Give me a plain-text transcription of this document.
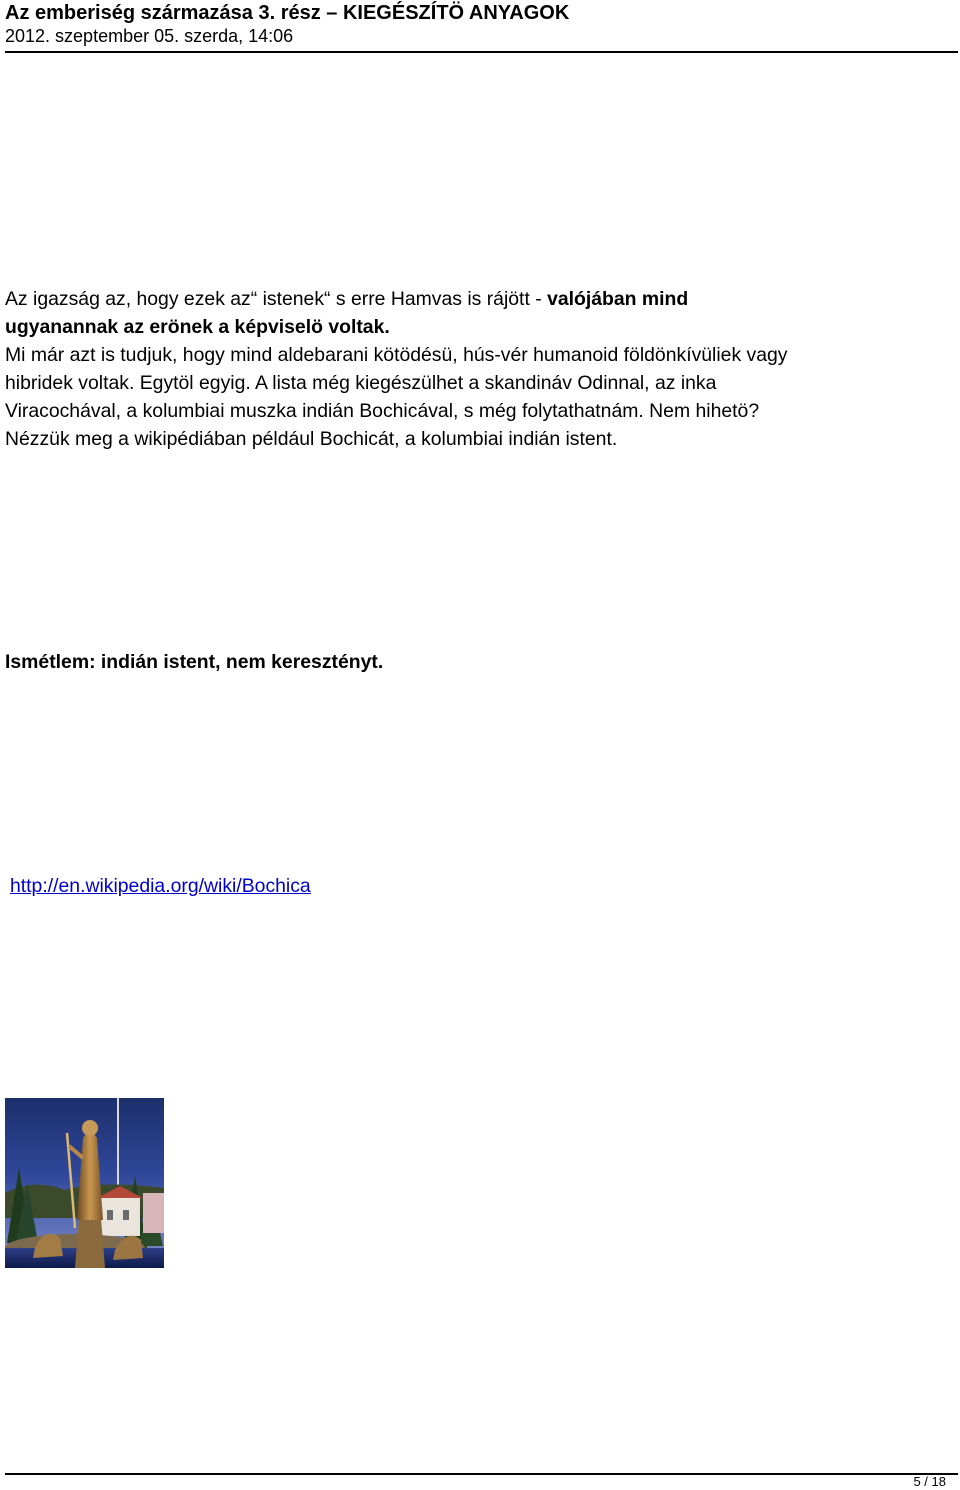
Az emberiség származása 3. rész – KIEGÉSZÍTÖ ANYAGOK
2012. szeptember 05. szerda, 14:06
Az igazság az, hogy ezek az“ istenek“ s erre Hamvas is rájött - valójában mind
ugyanannak az erönek a képviselö voltak.
Mi már azt is tudjuk, hogy mind aldebarani kötödésü, hús-vér humanoid földönkívüliek vagy
hibridek voltak. Egytöl egyig. A lista még kiegészülhet a skandináv Odinnal, az inka
Viracochával, a kolumbiai muszka indián Bochicával, s még folytathatnám. Nem hihetö?
Nézzük meg a wikipédiában például Bochicát, a kolumbiai indián istent.
Ismétlem: indián istent, nem keresztényt.
http://en.wikipedia.org/wiki/Bochica
5 / 18
